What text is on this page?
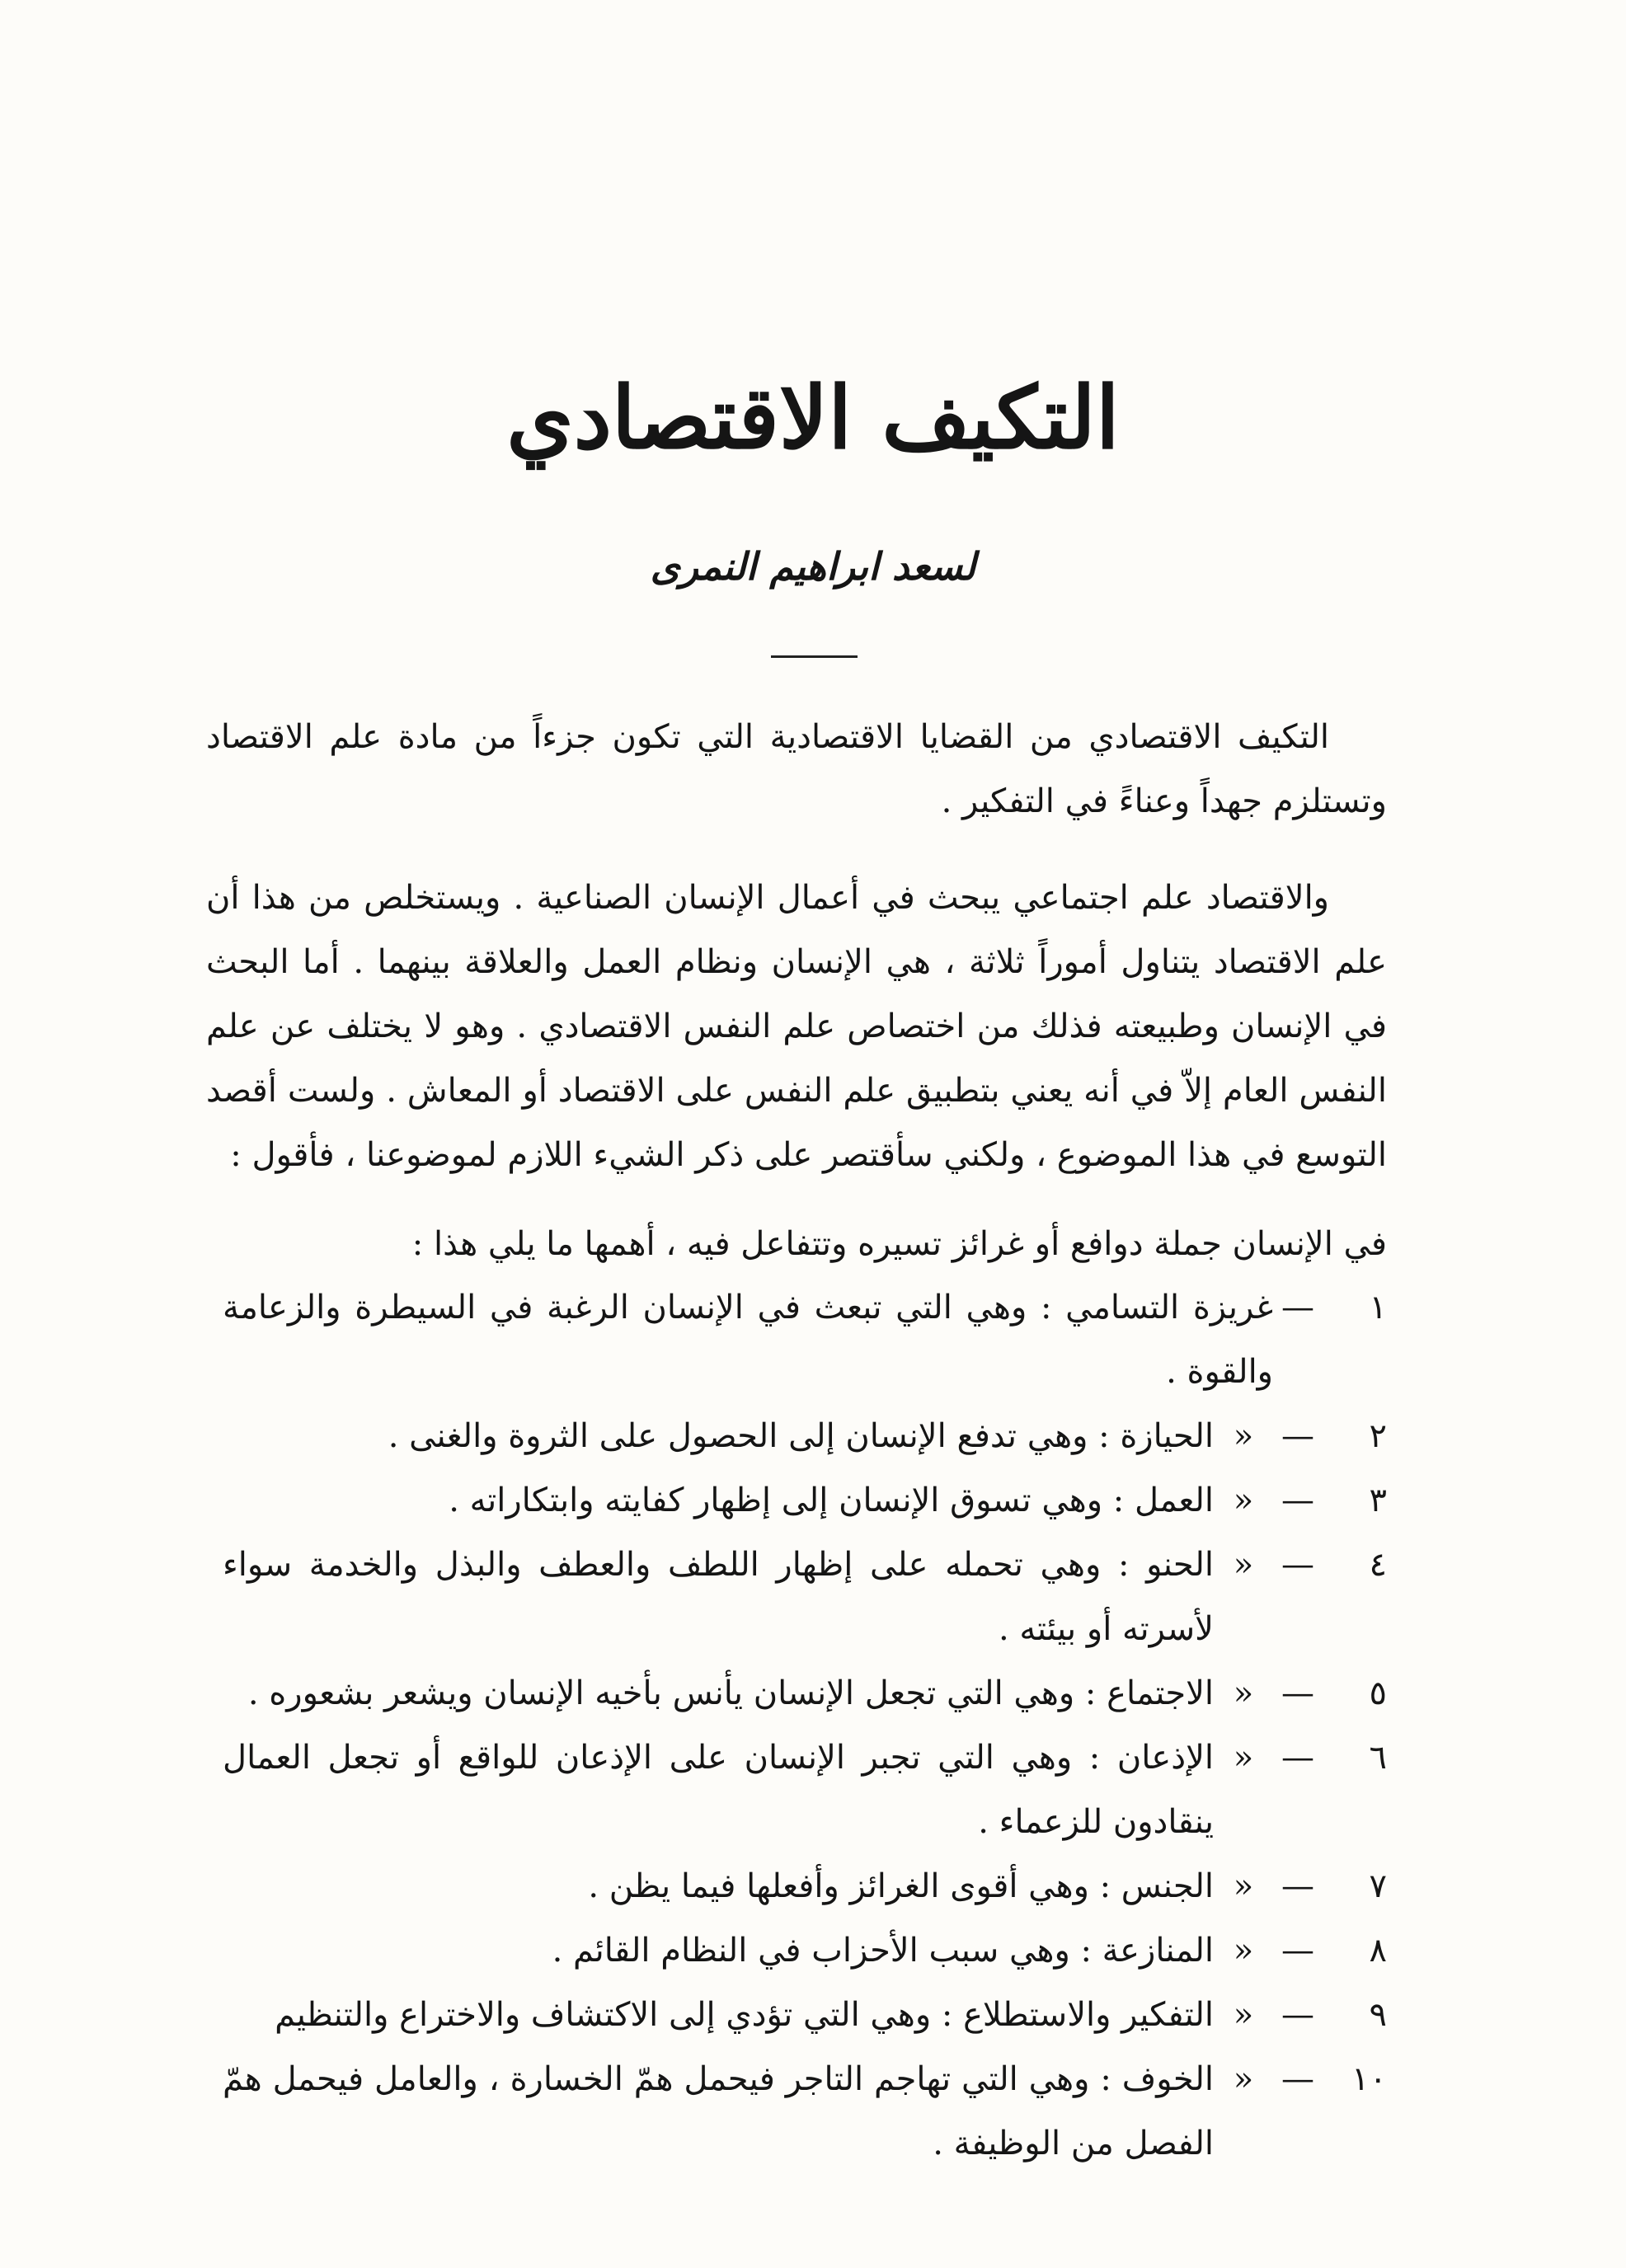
التكيف الاقتصادي
لسعد ابراهيم النمرى

التكيف الاقتصادي من القضايا الاقتصادية التي تكون جزءاً من مادة علم الاقتصاد وتستلزم جهداً وعناءً في التفكير .

والاقتصاد علم اجتماعي يبحث في أعمال الإنسان الصناعية . ويستخلص من هذا أن علم الاقتصاد يتناول أموراً ثلاثة ، هي الإنسان ونظام العمل والعلاقة بينهما . أما البحث في الإنسان وطبيعته فذلك من اختصاص علم النفس الاقتصادي . وهو لا يختلف عن علم النفس العام إلاّ في أنه يعني بتطبيق علم النفس على الاقتصاد أو المعاش . ولست أقصد التوسع في هذا الموضوع ، ولكني سأقتصر على ذكر الشيء اللازم لموضوعنا ، فأقول :

في الإنسان جملة دوافع أو غرائز تسيره وتتفاعل فيه ، أهمها ما يلي هذا :

١
—
غريزة التسامي : وهي التي تبعث في الإنسان الرغبة في السيطرة والزعامة والقوة .
٢
—
«
الحيازة : وهي تدفع الإنسان إلى الحصول على الثروة والغنى .
٣
—
«
العمل : وهي تسوق الإنسان إلى إظهار كفايته وابتكاراته .
٤
—
«
الحنو : وهي تحمله على إظهار اللطف والعطف والبذل والخدمة سواء لأسرته أو بيئته .
٥
—
«
الاجتماع : وهي التي تجعل الإنسان يأنس بأخيه الإنسان ويشعر بشعوره .
٦
—
«
الإذعان : وهي التي تجبر الإنسان على الإذعان للواقع أو تجعل العمال ينقادون للزعماء .
٧
—
«
الجنس : وهي أقوى الغرائز وأفعلها فيما يظن .
٨
—
«
المنازعة : وهي سبب الأحزاب في النظام القائم .
٩
—
«
التفكير والاستطلاع : وهي التي تؤدي إلى الاكتشاف والاختراع والتنظيم
١٠
—
«
الخوف : وهي التي تهاجم التاجر فيحمل همّ الخسارة ، والعامل فيحمل همّ الفصل من الوظيفة .
